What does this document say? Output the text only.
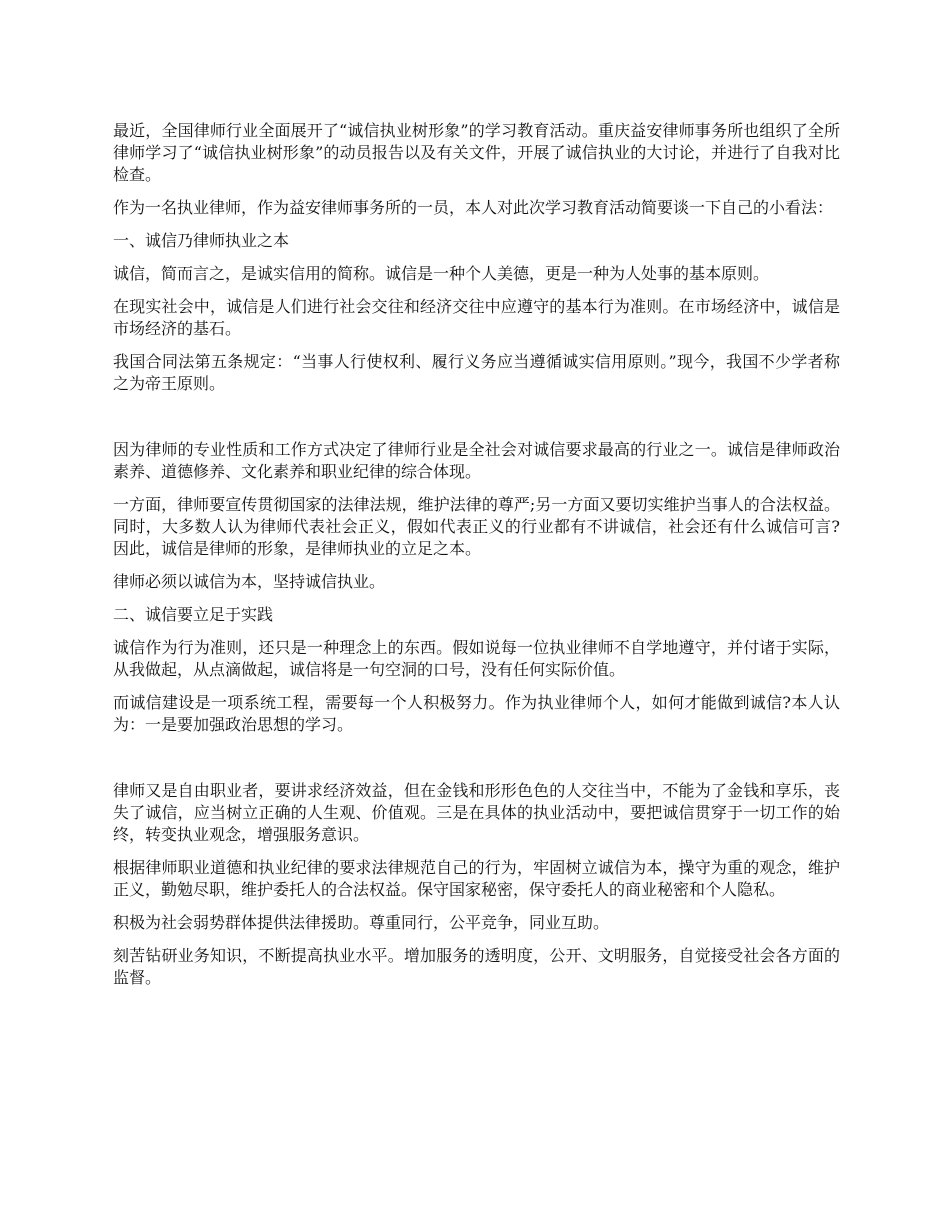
最近，全国律师行业全面展开了“诚信执业树形象”的学习教育活动。重庆益安律师事务所也组织了全所律师学习了“诚信执业树形象”的动员报告以及有关文件，开展了诚信执业的大讨论，并进行了自我对比检查。

作为一名执业律师，作为益安律师事务所的一员，本人对此次学习教育活动简要谈一下自己的小看法：

一、诚信乃律师执业之本

诚信，简而言之，是诚实信用的简称。诚信是一种个人美德，更是一种为人处事的基本原则。

在现实社会中，诚信是人们进行社会交往和经济交往中应遵守的基本行为准则。在市场经济中，诚信是市场经济的基石。

我国合同法第五条规定：“当事人行使权利、履行义务应当遵循诚实信用原则。”现今，我国不少学者称之为帝王原则。

因为律师的专业性质和工作方式决定了律师行业是全社会对诚信要求最高的行业之一。诚信是律师政治素养、道德修养、文化素养和职业纪律的综合体现。

一方面，律师要宣传贯彻国家的法律法规，维护法律的尊严;另一方面又要切实维护当事人的合法权益。同时，大多数人认为律师代表社会正义，假如代表正义的行业都有不讲诚信，社会还有什么诚信可言?因此，诚信是律师的形象，是律师执业的立足之本。

律师必须以诚信为本，坚持诚信执业。

二、诚信要立足于实践

诚信作为行为准则，还只是一种理念上的东西。假如说每一位执业律师不自学地遵守，并付诸于实际，从我做起，从点滴做起，诚信将是一句空洞的口号，没有任何实际价值。

而诚信建设是一项系统工程，需要每一个人积极努力。作为执业律师个人，如何才能做到诚信?本人认为：一是要加强政治思想的学习。

律师又是自由职业者，要讲求经济效益，但在金钱和形形色色的人交往当中，不能为了金钱和享乐，丧失了诚信，应当树立正确的人生观、价值观。三是在具体的执业活动中，要把诚信贯穿于一切工作的始终，转变执业观念，增强服务意识。

根据律师职业道德和执业纪律的要求法律规范自己的行为，牢固树立诚信为本，操守为重的观念，维护正义，勤勉尽职，维护委托人的合法权益。保守国家秘密，保守委托人的商业秘密和个人隐私。

积极为社会弱势群体提供法律援助。尊重同行，公平竞争，同业互助。

刻苦钻研业务知识，不断提高执业水平。增加服务的透明度，公开、文明服务，自觉接受社会各方面的监督。
